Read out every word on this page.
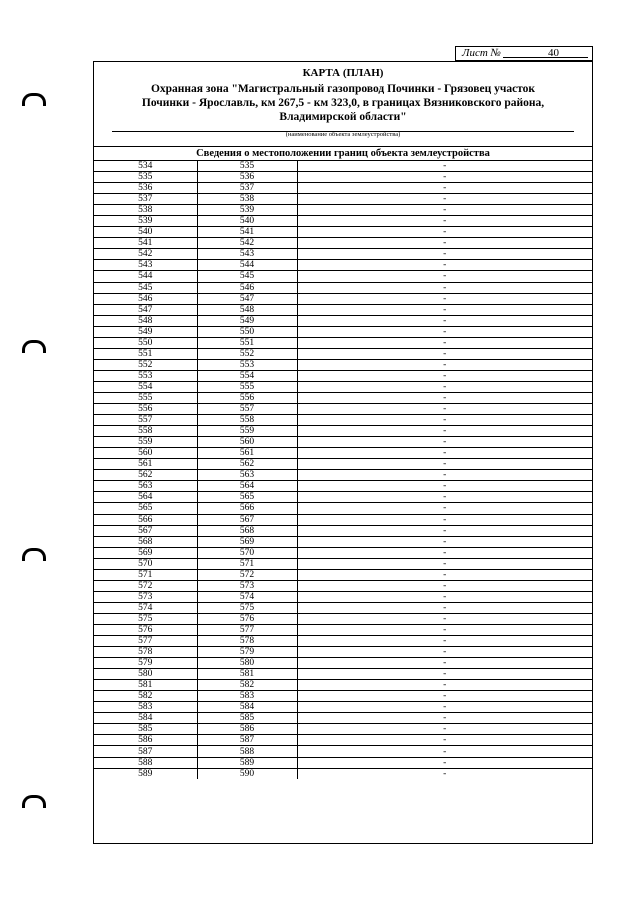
Лист №	40
КАРТА (ПЛАН)
Охранная зона "Магистральный газопровод Починки - Грязовец участок
Починки - Ярославль, км 267,5 - км 323,0, в границах Вязниковского района,
Владимирской области"
(наименование объекта землеустройства)
Сведения о местоположении границ объекта землеустройства
534	535	-
535	536	-
536	537	-
537	538	-
538	539	-
539	540	-
540	541	-
541	542	-
542	543	-
543	544	-
544	545	-
545	546	-
546	547	-
547	548	-
548	549	-
549	550	-
550	551	-
551	552	-
552	553	-
553	554	-
554	555	-
555	556	-
556	557	-
557	558	-
558	559	-
559	560	-
560	561	-
561	562	-
562	563	-
563	564	-
564	565	-
565	566	-
566	567	-
567	568	-
568	569	-
569	570	-
570	571	-
571	572	-
572	573	-
573	574	-
574	575	-
575	576	-
576	577	-
577	578	-
578	579	-
579	580	-
580	581	-
581	582	-
582	583	-
583	584	-
584	585	-
585	586	-
586	587	-
587	588	-
588	589	-
589	590	-
